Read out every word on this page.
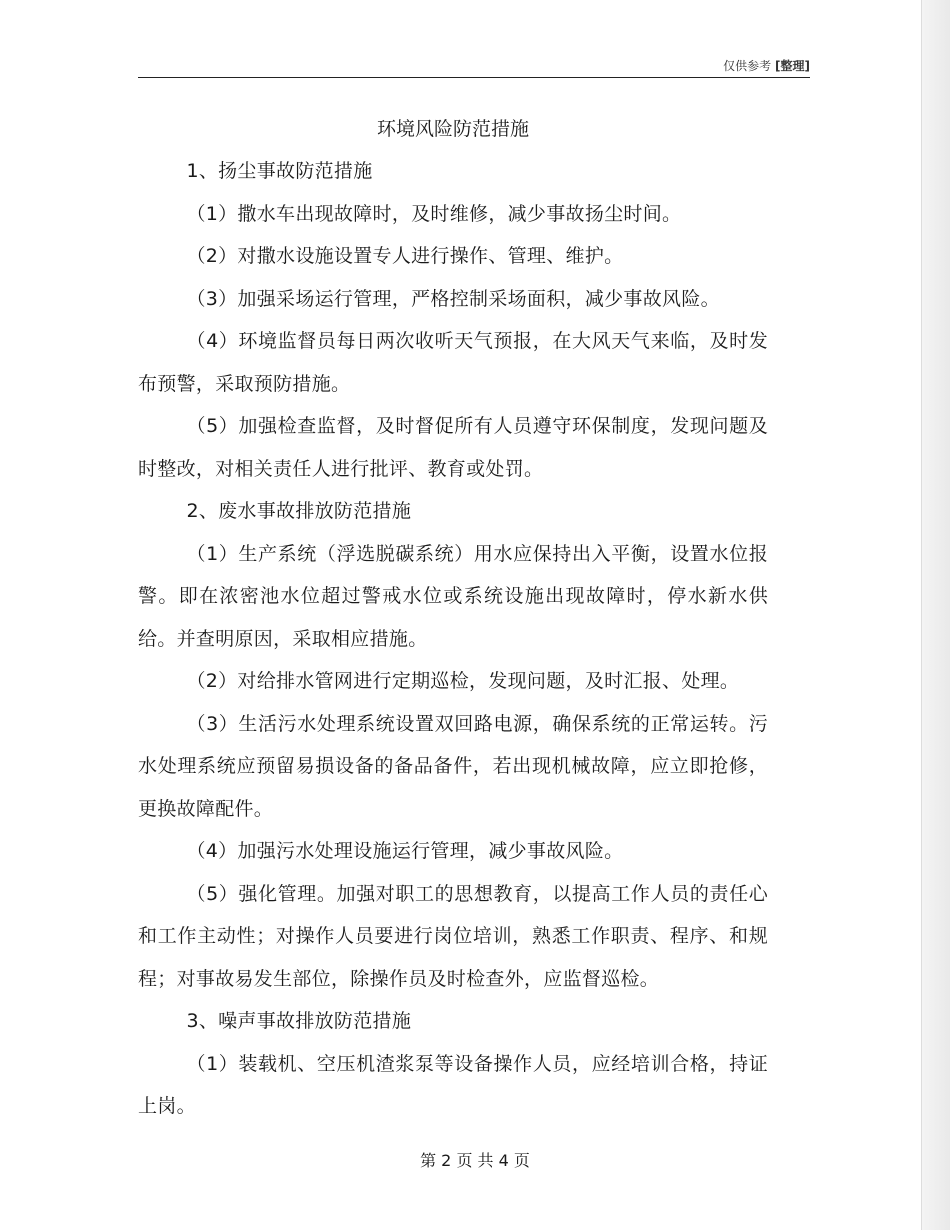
仅供参考 [整理]

环境风险防范措施

1、扬尘事故防范措施

（1）撒水车出现故障时，及时维修，减少事故扬尘时间。

（2）对撒水设施设置专人进行操作、管理、维护。

（3）加强采场运行管理，严格控制采场面积，减少事故风险。

（4）环境监督员每日两次收听天气预报，在大风天气来临，及时发布预警，采取预防措施。

（5）加强检查监督，及时督促所有人员遵守环保制度，发现问题及时整改，对相关责任人进行批评、教育或处罚。

2、废水事故排放防范措施

（1）生产系统（浮选脱碳系统）用水应保持出入平衡，设置水位报警。即在浓密池水位超过警戒水位或系统设施出现故障时，停水新水供给。并查明原因，采取相应措施。

（2）对给排水管网进行定期巡检，发现问题，及时汇报、处理。

（3）生活污水处理系统设置双回路电源，确保系统的正常运转。污水处理系统应预留易损设备的备品备件，若出现机械故障，应立即抢修，更换故障配件。

（4）加强污水处理设施运行管理，减少事故风险。

（5）强化管理。加强对职工的思想教育，以提高工作人员的责任心和工作主动性；对操作人员要进行岗位培训，熟悉工作职责、程序、和规程；对事故易发生部位，除操作员及时检查外，应监督巡检。

3、噪声事故排放防范措施

（1）装载机、空压机渣浆泵等设备操作人员，应经培训合格，持证上岗。

第 2 页 共 4 页
